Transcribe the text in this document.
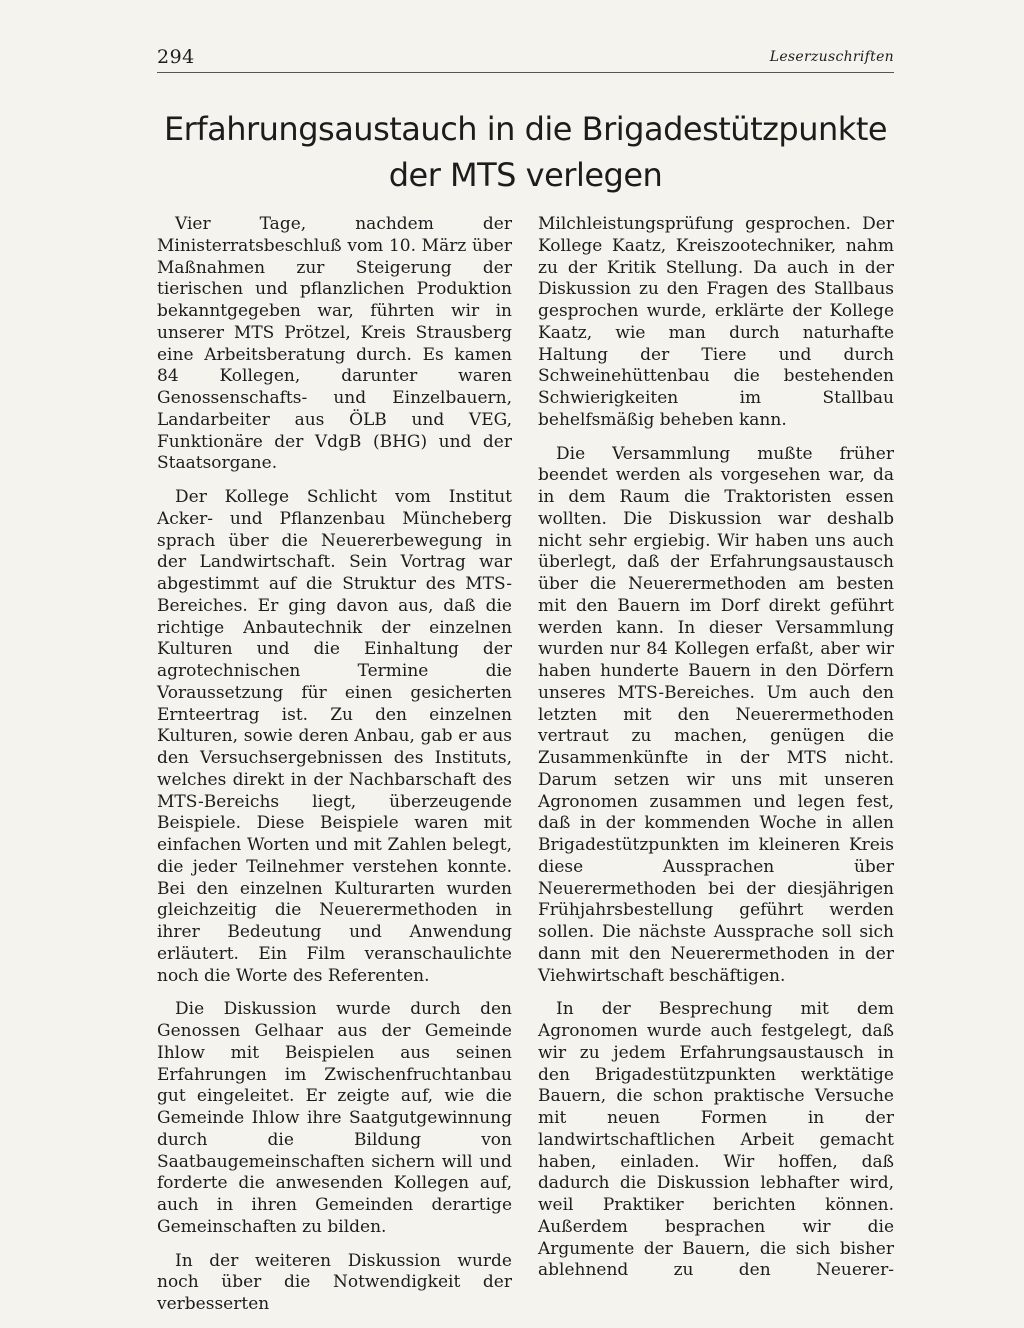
294	Leserzuschriften
Erfahrungsaustauch in die Brigadestützpunkte
der MTS verlegen

Vier Tage, nachdem der Ministerratsbeschluß vom 10. März über Maßnahmen zur Steigerung der tierischen und pflanzlichen Produktion bekanntgegeben war, führten wir in unserer MTS Prötzel, Kreis Strausberg eine Arbeitsberatung durch. Es kamen 84 Kollegen, darunter waren Genossenschafts- und Einzelbauern, Landarbeiter aus ÖLB und VEG, Funktionäre der VdgB (BHG) und der Staatsorgane.

Der Kollege Schlicht vom Institut Acker- und Pflanzenbau Müncheberg sprach über die Neuererbewegung in der Landwirtschaft. Sein Vortrag war abgestimmt auf die Struktur des MTS-Bereiches. Er ging davon aus, daß die richtige Anbautechnik der einzelnen Kulturen und die Einhaltung der agrotechnischen Termine die Voraussetzung für einen gesicherten Ernteertrag ist. Zu den einzelnen Kulturen, sowie deren Anbau, gab er aus den Versuchsergebnissen des Instituts, welches direkt in der Nachbarschaft des MTS-Bereichs liegt, überzeugende Beispiele. Diese Beispiele waren mit einfachen Worten und mit Zahlen belegt, die jeder Teilnehmer verstehen konnte. Bei den einzelnen Kulturarten wurden gleichzeitig die Neuerermethoden in ihrer Bedeutung und Anwendung erläutert. Ein Film veranschaulichte noch die Worte des Referenten.

Die Diskussion wurde durch den Genossen Gelhaar aus der Gemeinde Ihlow mit Beispielen aus seinen Erfahrungen im Zwischenfruchtanbau gut eingeleitet. Er zeigte auf, wie die Gemeinde Ihlow ihre Saatgutgewinnung durch die Bildung von Saatbaugemeinschaften sichern will und forderte die anwesenden Kollegen auf, auch in ihren Gemeinden derartige Gemeinschaften zu bilden.

In der weiteren Diskussion wurde noch über die Notwendigkeit der verbesserten

Milchleistungsprüfung gesprochen. Der Kollege Kaatz, Kreiszootechniker, nahm zu der Kritik Stellung. Da auch in der Diskussion zu den Fragen des Stallbaus gesprochen wurde, erklärte der Kollege Kaatz, wie man durch naturhafte Haltung der Tiere und durch Schweinehüttenbau die bestehenden Schwierigkeiten im Stallbau behelfsmäßig beheben kann.

Die Versammlung mußte früher beendet werden als vorgesehen war, da in dem Raum die Traktoristen essen wollten. Die Diskussion war deshalb nicht sehr ergiebig. Wir haben uns auch überlegt, daß der Erfahrungsaustausch über die Neuerermethoden am besten mit den Bauern im Dorf direkt geführt werden kann. In dieser Versammlung wurden nur 84 Kollegen erfaßt, aber wir haben hunderte Bauern in den Dörfern unseres MTS-Bereiches. Um auch den letzten mit den Neuerermethoden vertraut zu machen, genügen die Zusammenkünfte in der MTS nicht. Darum setzen wir uns mit unseren Agronomen zusammen und legen fest, daß in der kommenden Woche in allen Brigadestützpunkten im kleineren Kreis diese Aussprachen über Neuerermethoden bei der diesjährigen Frühjahrsbestellung geführt werden sollen. Die nächste Aussprache soll sich dann mit den Neuerermethoden in der Viehwirtschaft beschäftigen.

In der Besprechung mit dem Agronomen wurde auch festgelegt, daß wir zu jedem Erfahrungsaustausch in den Brigadestützpunkten werktätige Bauern, die schon praktische Versuche mit neuen Formen in der landwirtschaftlichen Arbeit gemacht haben, einladen. Wir hoffen, daß dadurch die Diskussion lebhafter wird, weil Praktiker berichten können. Außerdem besprachen wir die Argumente der Bauern, die sich bisher ablehnend zu den Neuerer-
